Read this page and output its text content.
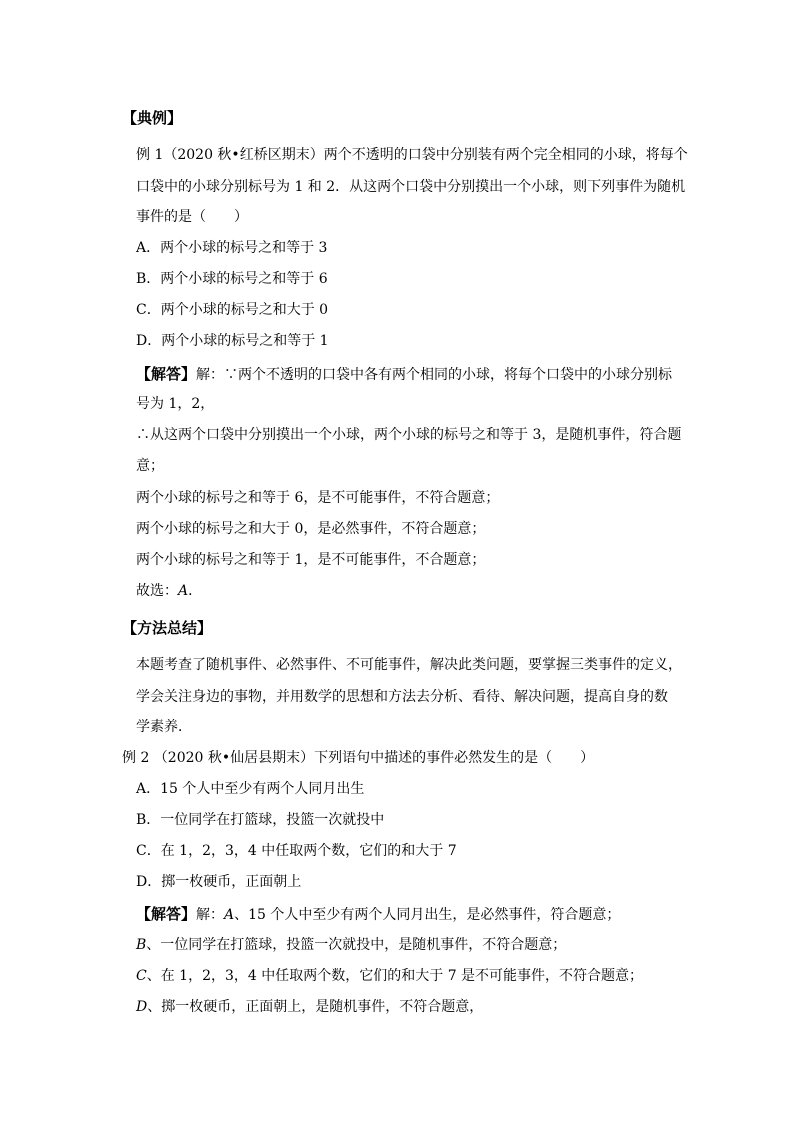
【典例】
例 1（2020 秋•红桥区期末）两个不透明的口袋中分别装有两个完全相同的小球，将每个
口袋中的小球分别标号为 1 和 2．从这两个口袋中分别摸出一个小球，则下列事件为随机
事件的是（　　）
A．两个小球的标号之和等于 3
B．两个小球的标号之和等于 6
C．两个小球的标号之和大于 0
D．两个小球的标号之和等于 1
【解答】解：∵两个不透明的口袋中各有两个相同的小球，将每个口袋中的小球分别标
号为 1，2，
∴从这两个口袋中分别摸出一个小球，两个小球的标号之和等于 3，是随机事件，符合题
意；
两个小球的标号之和等于 6，是不可能事件，不符合题意；
两个小球的标号之和大于 0，是必然事件，不符合题意；
两个小球的标号之和等于 1，是不可能事件，不合题意；
故选：A．
【方法总结】
本题考查了随机事件、必然事件、不可能事件，解决此类问题，要掌握三类事件的定义，
学会关注身边的事物，并用数学的思想和方法去分析、看待、解决问题，提高自身的数
学素养．
例 2 （2020 秋•仙居县期末）下列语句中描述的事件必然发生的是（　　）
A．15 个人中至少有两个人同月出生
B．一位同学在打篮球，投篮一次就投中
C．在 1，2，3，4 中任取两个数，它们的和大于 7
D．掷一枚硬币，正面朝上
【解答】解：A、15 个人中至少有两个人同月出生，是必然事件，符合题意；
B、一位同学在打篮球，投篮一次就投中，是随机事件，不符合题意；
C、在 1，2，3，4 中任取两个数，它们的和大于 7 是不可能事件，不符合题意；
D、掷一枚硬币，正面朝上，是随机事件，不符合题意，
